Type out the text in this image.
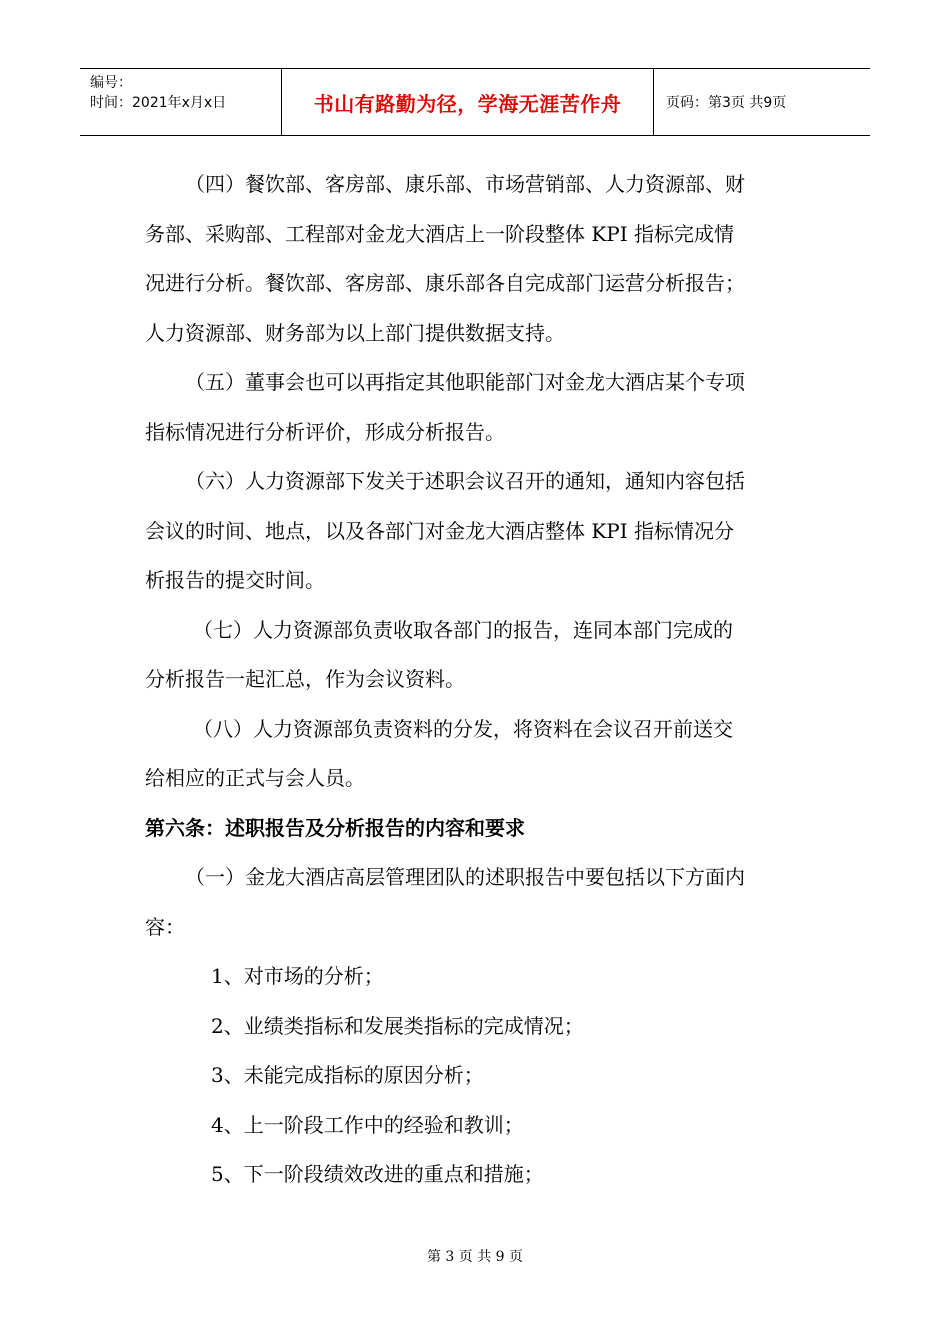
编号：
时间：2021年x月x日	书山有路勤为径，学海无涯苦作舟	页码：第3页 共9页

（四）餐饮部、客房部、康乐部、市场营销部、人力资源部、财

务部、采购部、工程部对金龙大酒店上一阶段整体 KPI 指标完成情

况进行分析。餐饮部、客房部、康乐部各自完成部门运营分析报告；

人力资源部、财务部为以上部门提供数据支持。

（五）董事会也可以再指定其他职能部门对金龙大酒店某个专项

指标情况进行分析评价，形成分析报告。

（六）人力资源部下发关于述职会议召开的通知，通知内容包括

会议的时间、地点，以及各部门对金龙大酒店整体 KPI 指标情况分

析报告的提交时间。

（七）人力资源部负责收取各部门的报告，连同本部门完成的

分析报告一起汇总，作为会议资料。

（八）人力资源部负责资料的分发，将资料在会议召开前送交

给相应的正式与会人员。

第六条：述职报告及分析报告的内容和要求

（一）金龙大酒店高层管理团队的述职报告中要包括以下方面内

容：

1、对市场的分析；

2、业绩类指标和发展类指标的完成情况；

3、未能完成指标的原因分析；

4、上一阶段工作中的经验和教训；

5、下一阶段绩效改进的重点和措施；

第 3 页 共 9 页
